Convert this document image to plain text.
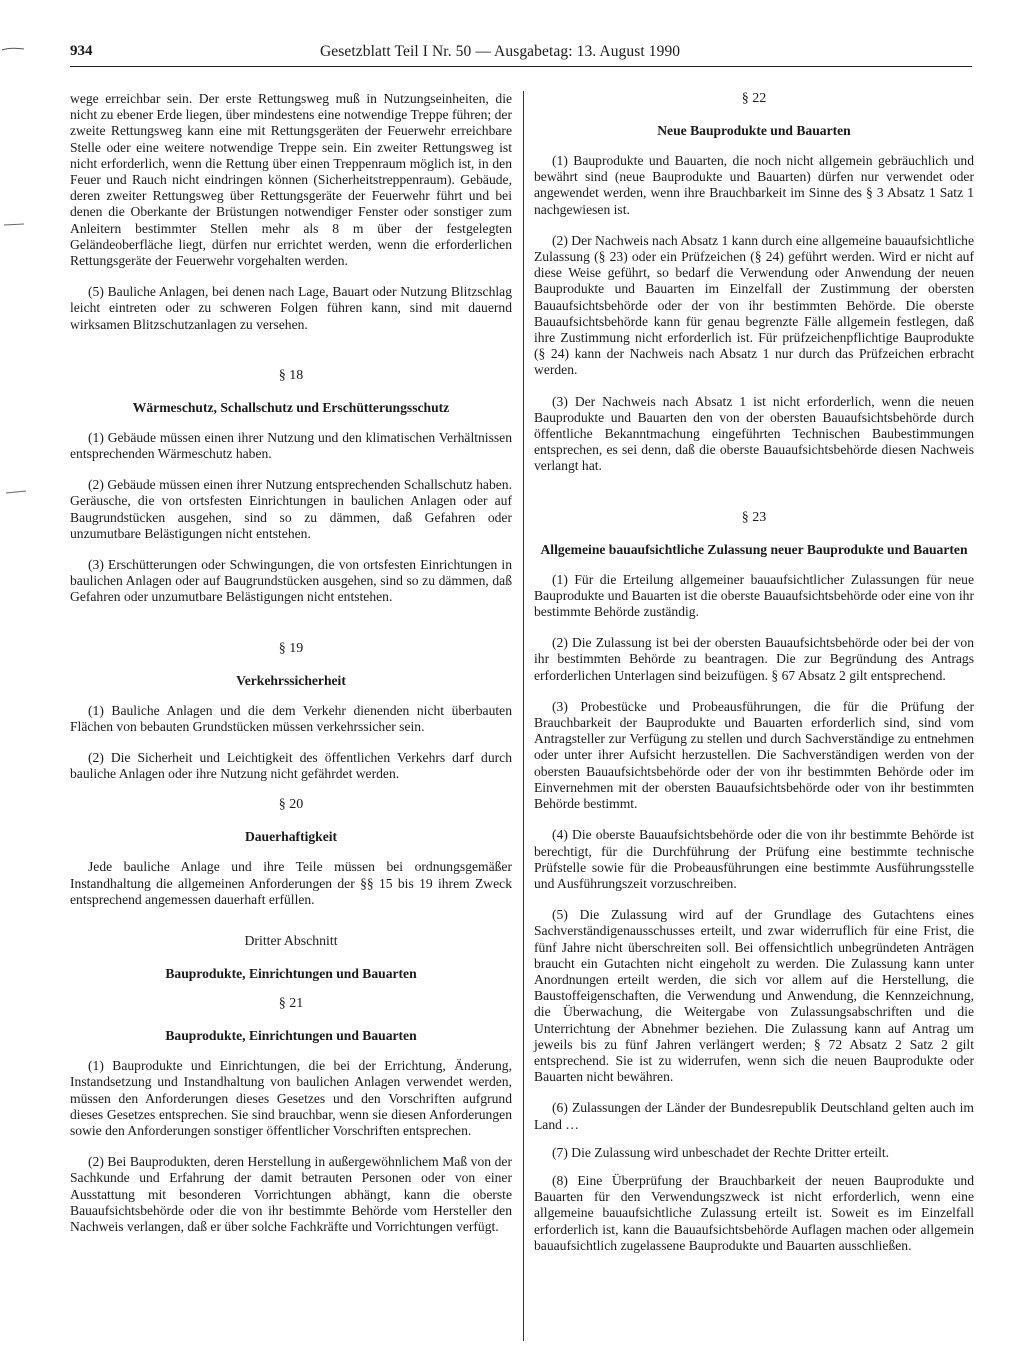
934	Gesetzblatt Teil I Nr. 50 — Ausgabetag: 13. August 1990

wege erreichbar sein. Der erste Rettungsweg muß in Nutzungseinheiten, die nicht zu ebener Erde liegen, über mindestens eine notwendige Treppe führen; der zweite Rettungsweg kann eine mit Rettungsgeräten der Feuerwehr erreichbare Stelle oder eine weitere notwendige Treppe sein. Ein zweiter Rettungsweg ist nicht erforderlich, wenn die Rettung über einen Treppenraum möglich ist, in den Feuer und Rauch nicht eindringen können (Sicherheitstreppenraum). Gebäude, deren zweiter Rettungsweg über Rettungsgeräte der Feuerwehr führt und bei denen die Oberkante der Brüstungen notwendiger Fenster oder sonstiger zum Anleitern bestimmter Stellen mehr als 8 m über der festgelegten Geländeoberfläche liegt, dürfen nur errichtet werden, wenn die erforderlichen Rettungsgeräte der Feuerwehr vorgehalten werden.

(5) Bauliche Anlagen, bei denen nach Lage, Bauart oder Nutzung Blitzschlag leicht eintreten oder zu schweren Folgen führen kann, sind mit dauernd wirksamen Blitzschutzanlagen zu versehen.

§ 18
Wärmeschutz, Schallschutz und Erschütterungsschutz

(1) Gebäude müssen einen ihrer Nutzung und den klimatischen Verhältnissen entsprechenden Wärmeschutz haben.

(2) Gebäude müssen einen ihrer Nutzung entsprechenden Schallschutz haben. Geräusche, die von ortsfesten Einrichtungen in baulichen Anlagen oder auf Baugrundstücken ausgehen, sind so zu dämmen, daß Gefahren oder unzumutbare Belästigungen nicht entstehen.

(3) Erschütterungen oder Schwingungen, die von ortsfesten Einrichtungen in baulichen Anlagen oder auf Baugrundstücken ausgehen, sind so zu dämmen, daß Gefahren oder unzumutbare Belästigungen nicht entstehen.

§ 19
Verkehrssicherheit

(1) Bauliche Anlagen und die dem Verkehr dienenden nicht überbauten Flächen von bebauten Grundstücken müssen verkehrssicher sein.

(2) Die Sicherheit und Leichtigkeit des öffentlichen Verkehrs darf durch bauliche Anlagen oder ihre Nutzung nicht gefährdet werden.

§ 20
Dauerhaftigkeit

Jede bauliche Anlage und ihre Teile müssen bei ordnungsgemäßer Instandhaltung die allgemeinen Anforderungen der §§ 15 bis 19 ihrem Zweck entsprechend angemessen dauerhaft erfüllen.

Dritter Abschnitt
Bauprodukte, Einrichtungen und Bauarten
§ 21
Bauprodukte, Einrichtungen und Bauarten

(1) Bauprodukte und Einrichtungen, die bei der Errichtung, Änderung, Instandsetzung und Instandhaltung von baulichen Anlagen verwendet werden, müssen den Anforderungen dieses Gesetzes und den Vorschriften aufgrund dieses Gesetzes entsprechen. Sie sind brauchbar, wenn sie diesen Anforderungen sowie den Anforderungen sonstiger öffentlicher Vorschriften entsprechen.

(2) Bei Bauprodukten, deren Herstellung in außergewöhnlichem Maß von der Sachkunde und Erfahrung der damit betrauten Personen oder von einer Ausstattung mit besonderen Vorrichtungen abhängt, kann die oberste Bauaufsichtsbehörde oder die von ihr bestimmte Behörde vom Hersteller den Nachweis verlangen, daß er über solche Fachkräfte und Vorrichtungen verfügt.

§ 22
Neue Bauprodukte und Bauarten

(1) Bauprodukte und Bauarten, die noch nicht allgemein gebräuchlich und bewährt sind (neue Bauprodukte und Bauarten) dürfen nur verwendet oder angewendet werden, wenn ihre Brauchbarkeit im Sinne des § 3 Absatz 1 Satz 1 nachgewiesen ist.

(2) Der Nachweis nach Absatz 1 kann durch eine allgemeine bauaufsichtliche Zulassung (§ 23) oder ein Prüfzeichen (§ 24) geführt werden. Wird er nicht auf diese Weise geführt, so bedarf die Verwendung oder Anwendung der neuen Bauprodukte und Bauarten im Einzelfall der Zustimmung der obersten Bauaufsichtsbehörde oder der von ihr bestimmten Behörde. Die oberste Bauaufsichtsbehörde kann für genau begrenzte Fälle allgemein festlegen, daß ihre Zustimmung nicht erforderlich ist. Für prüfzeichenpflichtige Bauprodukte (§ 24) kann der Nachweis nach Absatz 1 nur durch das Prüfzeichen erbracht werden.

(3) Der Nachweis nach Absatz 1 ist nicht erforderlich, wenn die neuen Bauprodukte und Bauarten den von der obersten Bauaufsichtsbehörde durch öffentliche Bekanntmachung eingeführten Technischen Baubestimmungen entsprechen, es sei denn, daß die oberste Bauaufsichtsbehörde diesen Nachweis verlangt hat.

§ 23
Allgemeine bauaufsichtliche Zulassung neuer Bauprodukte und Bauarten

(1) Für die Erteilung allgemeiner bauaufsichtlicher Zulassungen für neue Bauprodukte und Bauarten ist die oberste Bauaufsichtsbehörde oder eine von ihr bestimmte Behörde zuständig.

(2) Die Zulassung ist bei der obersten Bauaufsichtsbehörde oder bei der von ihr bestimmten Behörde zu beantragen. Die zur Begründung des Antrags erforderlichen Unterlagen sind beizufügen. § 67 Absatz 2 gilt entsprechend.

(3) Probestücke und Probeausführungen, die für die Prüfung der Brauchbarkeit der Bauprodukte und Bauarten erforderlich sind, sind vom Antragsteller zur Verfügung zu stellen und durch Sachverständige zu entnehmen oder unter ihrer Aufsicht herzustellen. Die Sachverständigen werden von der obersten Bauaufsichtsbehörde oder der von ihr bestimmten Behörde oder im Einvernehmen mit der obersten Bauaufsichtsbehörde oder von ihr bestimmten Behörde bestimmt.

(4) Die oberste Bauaufsichtsbehörde oder die von ihr bestimmte Behörde ist berechtigt, für die Durchführung der Prüfung eine bestimmte technische Prüfstelle sowie für die Probeausführungen eine bestimmte Ausführungsstelle und Ausführungszeit vorzuschreiben.

(5) Die Zulassung wird auf der Grundlage des Gutachtens eines Sachverständigenausschusses erteilt, und zwar widerruflich für eine Frist, die fünf Jahre nicht überschreiten soll. Bei offensichtlich unbegründeten Anträgen braucht ein Gutachten nicht eingeholt zu werden. Die Zulassung kann unter Anordnungen erteilt werden, die sich vor allem auf die Herstellung, die Baustoffeigenschaften, die Verwendung und Anwendung, die Kennzeichnung, die Überwachung, die Weitergabe von Zulassungsabschriften und die Unterrichtung der Abnehmer beziehen. Die Zulassung kann auf Antrag um jeweils bis zu fünf Jahren verlängert werden; § 72 Absatz 2 Satz 2 gilt entsprechend. Sie ist zu widerrufen, wenn sich die neuen Bauprodukte oder Bauarten nicht bewähren.

(6) Zulassungen der Länder der Bundesrepublik Deutschland gelten auch im Land …

(7) Die Zulassung wird unbeschadet der Rechte Dritter erteilt.

(8) Eine Überprüfung der Brauchbarkeit der neuen Bauprodukte und Bauarten für den Verwendungszweck ist nicht erforderlich, wenn eine allgemeine bauaufsichtliche Zulassung erteilt ist. Soweit es im Einzelfall erforderlich ist, kann die Bauaufsichtsbehörde Auflagen machen oder allgemein bauaufsichtlich zugelassene Bauprodukte und Bauarten ausschließen.
